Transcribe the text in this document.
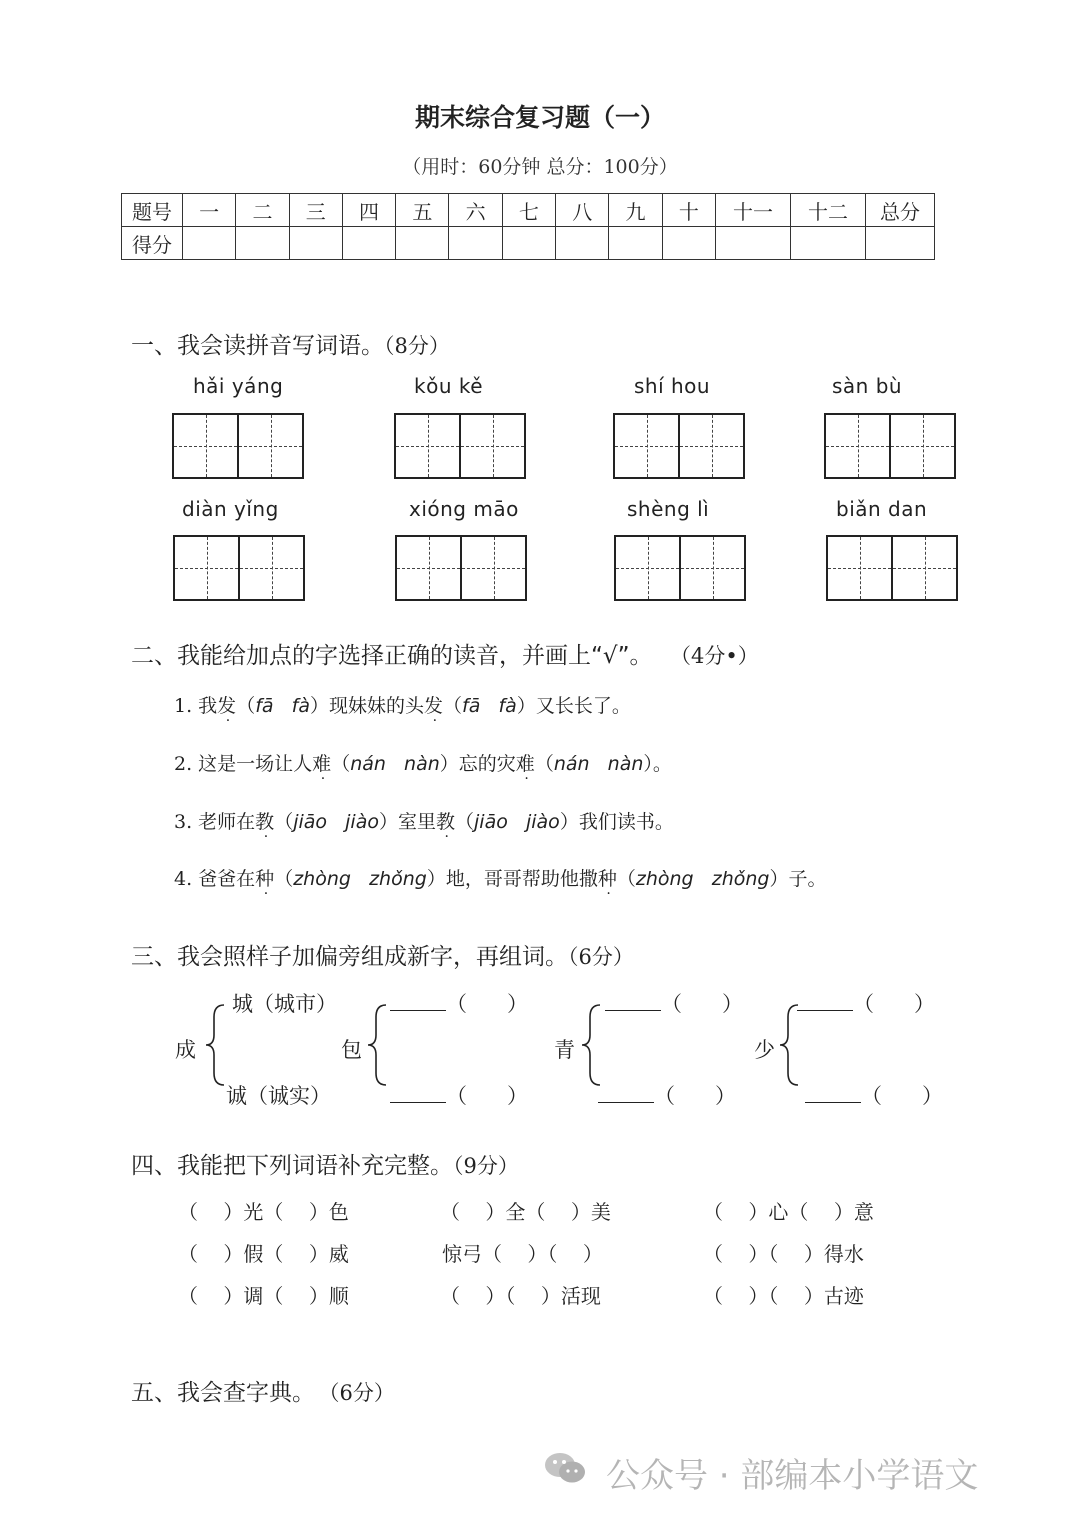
期末综合复习题（一）
（用时：60分钟 总分：100分）
题号	一	二	三	四	五	六	七	八	九	十	十一	十二	总分
得分													
一、我会读拼音写词语。（8分）
hǎi yáng	kǒu kě	shí hou	sàn bù
diàn yǐng	xióng māo	shèng lì	biǎn dan
二、我能给加点的字选择正确的读音，并画上“√”。 （4分•）
1. 我发（fā   fà）现妹妹的头发（fā   fà）又长长了。
2. 这是一场让人难（nán   nàn）忘的灾难（nán   nàn）。
3. 老师在教（jiāo   jiào）室里教（jiāo   jiào）我们读书。
4. 爸爸在种（zhòng   zhǒng）地，哥哥帮助他撒种（zhòng   zhǒng）子。
三、我会照样子加偏旁组成新字，再组词。（6分）
城（城市）
成
诚（诚实）
包
（      ）
（      ）
青
（      ）
（      ）
少
（      ）
（      ）
四、我能把下列词语补充完整。（9分）
（    ）光（    ）色	（    ）全（    ）美	（    ）心（    ）意
（    ）假（    ）威	惊弓（    ）（    ）	（    ）（    ）得水
（    ）调（    ）顺	（    ）（    ）活现	（    ）（    ）古迹
五、我会查字典。 （6分）
公众号 · 部编本小学语文
